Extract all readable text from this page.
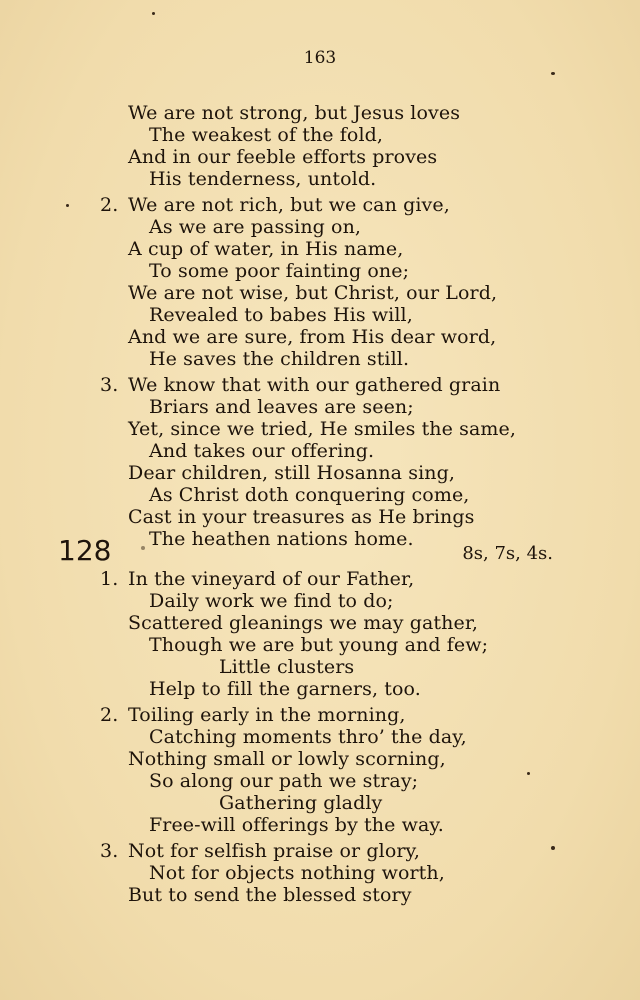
163
We are not strong, but Jesus loves
The weakest of the fold,
And in our feeble efforts proves
His tenderness, untold.
2. We are not rich, but we can give,
As we are passing on,
A cup of water, in His name,
To some poor fainting one;
We are not wise, but Christ, our Lord,
Revealed to babes His will,
And we are sure, from His dear word,
He saves the children still.
3. We know that with our gathered grain
Briars and leaves are seen;
Yet, since we tried, He smiles the same,
And takes our offering.
Dear children, still Hosanna sing,
As Christ doth conquering come,
Cast in your treasures as He brings
The heathen nations home.
128	8s, 7s, 4s.
1. In the vineyard of our Father,
Daily work we find to do;
Scattered gleanings we may gather,
Though we are but young and few;
Little clusters
Help to fill the garners, too.
2. Toiling early in the morning,
Catching moments thro’ the day,
Nothing small or lowly scorning,
So along our path we stray;
Gathering gladly
Free-will offerings by the way.
3. Not for selfish praise or glory,
Not for objects nothing worth,
But to send the blessed story
